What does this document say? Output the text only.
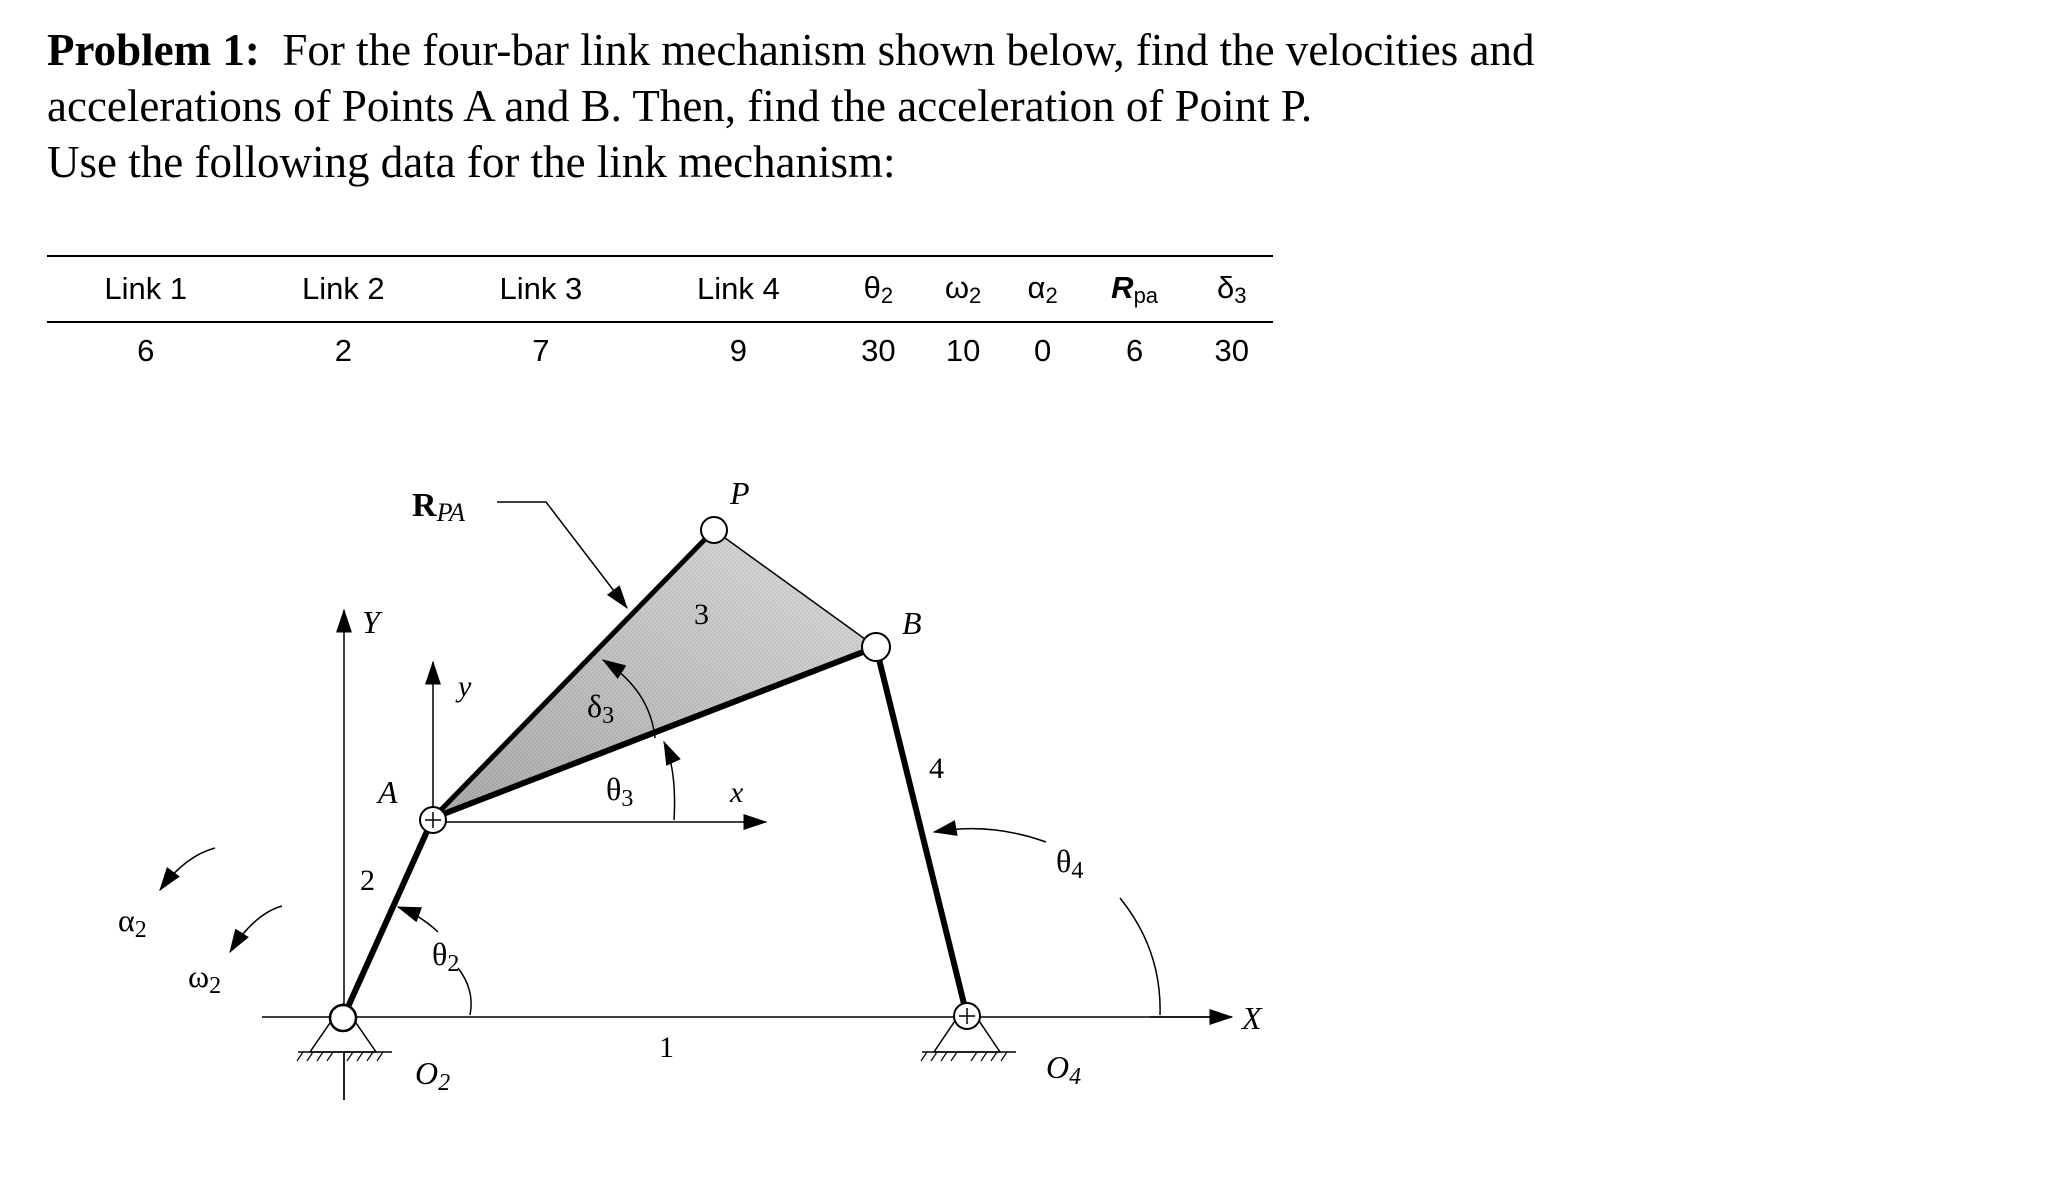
Problem 1: For the four-bar link mechanism shown below, find the velocities and

accelerations of Points A and B. Then, find the acceleration of Point P.

Use the following data for the link mechanism:

Link 1	Link 2	Link 3	Link 4	$\theta_2$	$\omega_2$	$\alpha_2$	$R_{pa}$	$\delta_3$
6	2	7	9	30	10	0	6	30
RPA
P
3	B
Y
y
δ3
θ3	x
A
4
θ4
2
θ2
α2
ω2
X
1
O2	O4
